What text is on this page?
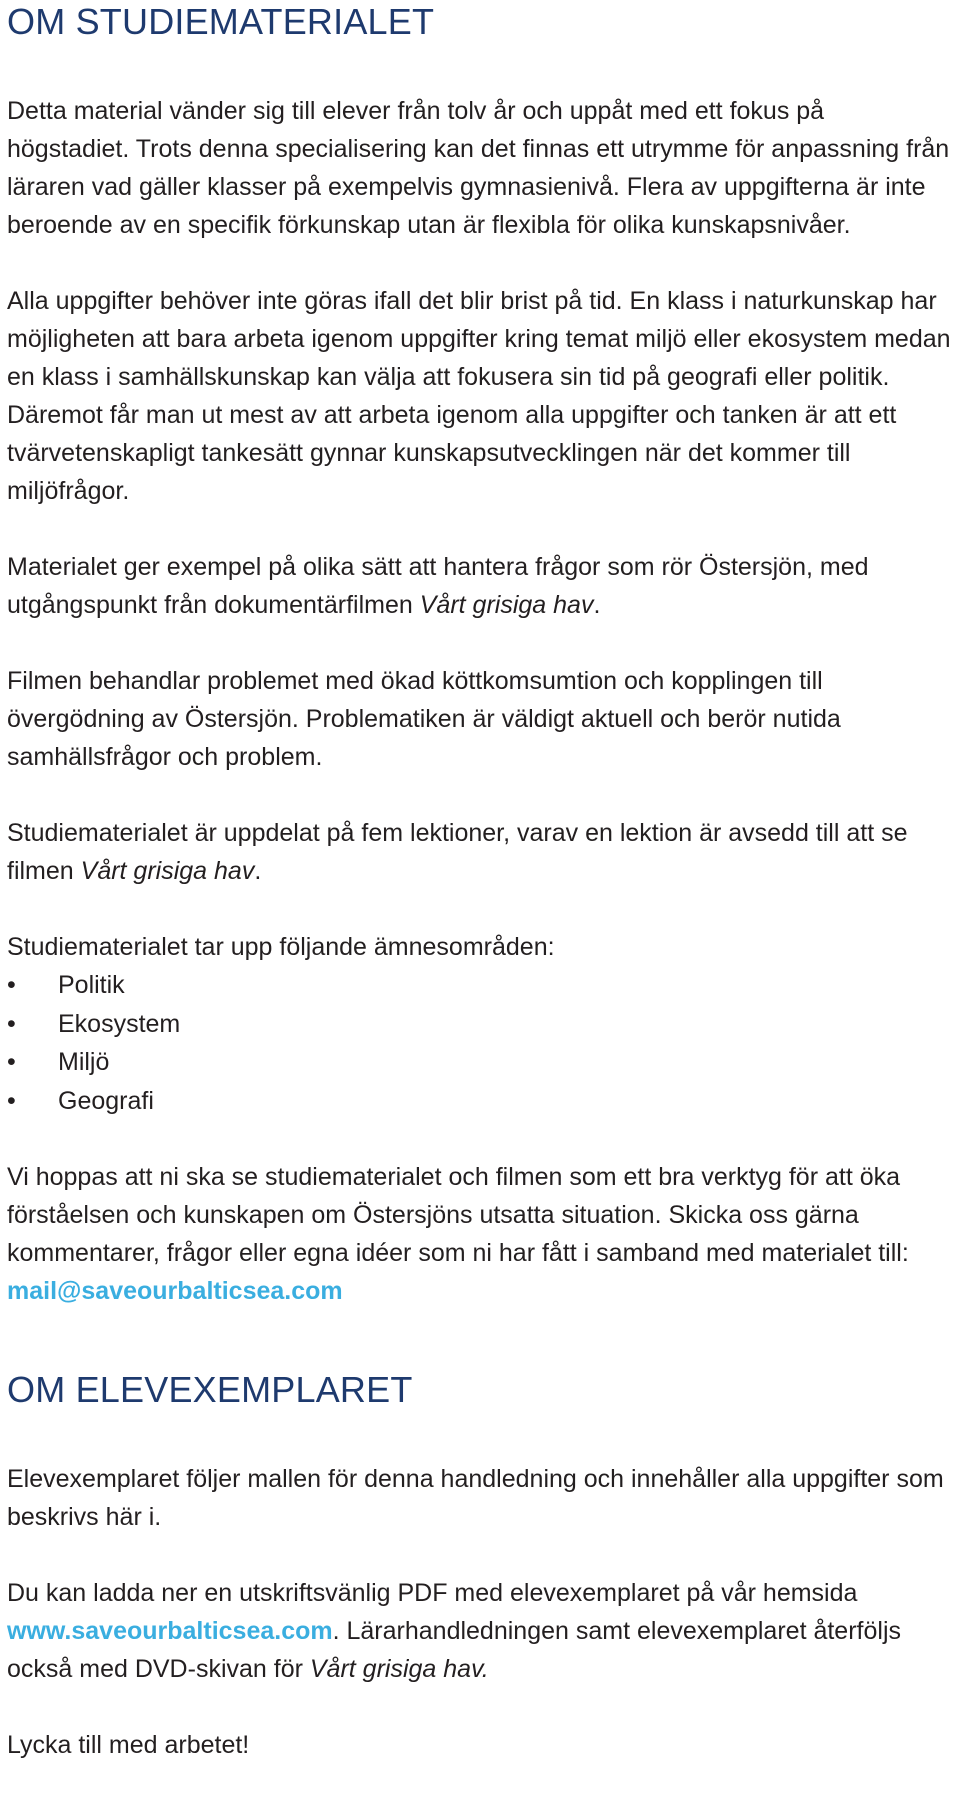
OM STUDIEMATERIALET

Detta material vänder sig till elever från tolv år och uppåt med ett fokus på högstadiet. Trots denna specialisering kan det finnas ett utrymme för anpassning från läraren vad gäller klasser på exempelvis gymnasienivå. Flera av uppgifterna är inte beroende av en specifik förkunskap utan är flexibla för olika kunskapsnivåer.

Alla uppgifter behöver inte göras ifall det blir brist på tid. En klass i naturkunskap har möjligheten att bara arbeta igenom uppgifter kring temat miljö eller ekosystem medan en klass i samhällskunskap kan välja att fokusera sin tid på geografi eller politik. Däremot får man ut mest av att arbeta igenom alla uppgifter och tanken är att ett tvärvetenskapligt tankesätt gynnar kunskapsutvecklingen när det kommer till miljöfrågor.

Materialet ger exempel på olika sätt att hantera frågor som rör Östersjön, med utgångspunkt från dokumentärfilmen Vårt grisiga hav.

Filmen behandlar problemet med ökad köttkomsumtion och kopplingen till övergödning av Östersjön. Problematiken är väldigt aktuell och berör nutida samhällsfrågor och problem.

Studiematerialet är uppdelat på fem lektioner, varav en lektion är avsedd till att se filmen Vårt grisiga hav.

Studiematerialet tar upp följande ämnesområden:

• Politik
• Ekosystem
• Miljö
• Geografi

Vi hoppas att ni ska se studiematerialet och filmen som ett bra verktyg för att öka förståelsen och kunskapen om Östersjöns utsatta situation. Skicka oss gärna kommentarer, frågor eller egna idéer som ni har fått i samband med materialet till: mail@saveourbalticsea.com

OM ELEVEXEMPLARET

Elevexemplaret följer mallen för denna handledning och innehåller alla uppgifter som beskrivs här i.

Du kan ladda ner en utskriftsvänlig PDF med elevexemplaret på vår hemsida www.saveourbalticsea.com. Lärarhandledningen samt elevexemplaret återföljs också med DVD-skivan för Vårt grisiga hav.

Lycka till med arbetet!
